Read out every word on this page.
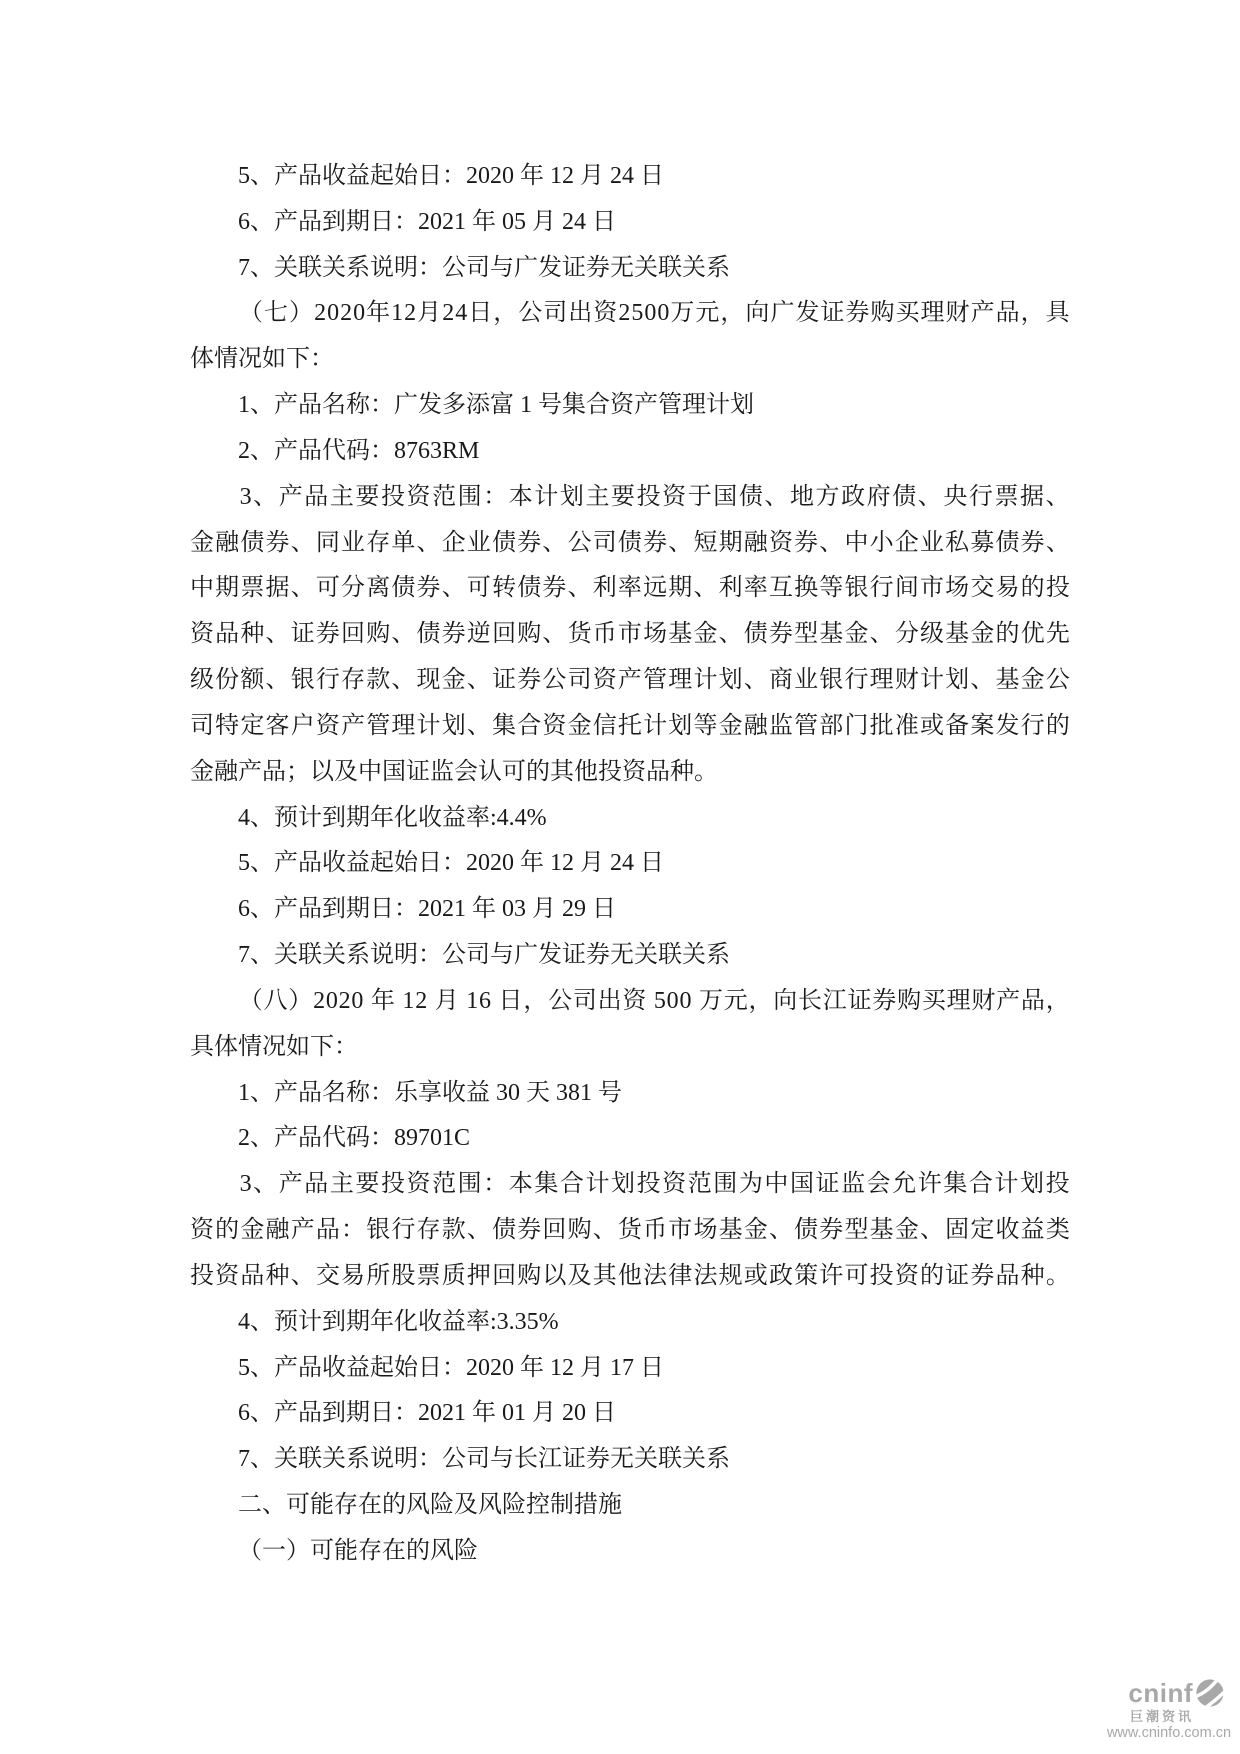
5、产品收益起始日：2020 年 12 月 24 日
6、产品到期日：2021 年 05 月 24 日
7、关联关系说明：公司与广发证券无关联关系
（ 七 ） 2 0 2 0 年 1 2 月 2 4 日 ， 公 司 出 资 2 5 0 0 万 元 ， 向 广 发 证 券 购 买 理 财 产 品 ， 具
体情况如下：
1、产品名称：广发多添富 1 号集合资产管理计划
2、产品代码：8763RM
3 、 产 品 主 要 投 资 范 围 ： 本 计 划 主 要 投 资 于 国 债 、 地 方 政 府 债 、 央 行 票 据 、
金 融 债 券 、 同 业 存 单 、 企 业 债 券 、 公 司 债 券 、 短 期 融 资 券 、 中 小 企 业 私 募 债 券 、
中 期 票 据 、 可 分 离 债 券 、 可 转 债 券 、 利 率 远 期 、 利 率 互 换 等 银 行 间 市 场 交 易 的 投
资 品 种 、 证 券 回 购 、 债 券 逆 回 购 、 货 币 市 场 基 金 、 债 券 型 基 金 、 分 级 基 金 的 优 先
级 份 额 、 银 行 存 款 、 现 金 、 证 券 公 司 资 产 管 理 计 划 、 商 业 银 行 理 财 计 划 、 基 金 公
司 特 定 客 户 资 产 管 理 计 划 、 集 合 资 金 信 托 计 划 等 金 融 监 管 部 门 批 准 或 备 案 发 行 的
金融产品；以及中国证监会认可的其他投资品种。
4、预计到期年化收益率:4.4%
5、产品收益起始日：2020 年 12 月 24 日
6、产品到期日：2021 年 03 月 29 日
7、关联关系说明：公司与广发证券无关联关系
（ 八 ） 2 0 2 0
年
1 2
月
1 6
日 ， 公 司 出 资
5 0 0
万 元 ， 向 长 江 证 券 购 买 理 财 产 品 ，
具体情况如下：
1、产品名称：乐享收益 30 天 381 号
2、产品代码：89701C
3 、 产 品 主 要 投 资 范 围 ： 本 集 合 计 划 投 资 范 围 为 中 国 证 监 会 允 许 集 合 计 划 投
资 的 金 融 产 品 ： 银 行 存 款 、 债 券 回 购 、 货 币 市 场 基 金 、 债 券 型 基 金 、 固 定 收 益 类
投 资 品 种 、 交 易 所 股 票 质 押 回 购 以 及 其 他 法 律 法 规 或 政 策 许 可 投 资 的 证 券 品 种 。
4、预计到期年化收益率:3.35%
5、产品收益起始日：2020 年 12 月 17 日
6、产品到期日：2021 年 01 月 20 日
7、关联关系说明：公司与长江证券无关联关系
二、可能存在的风险及风险控制措施
（一）可能存在的风险
cninf
巨潮资讯
www.cninfo.com.cn
